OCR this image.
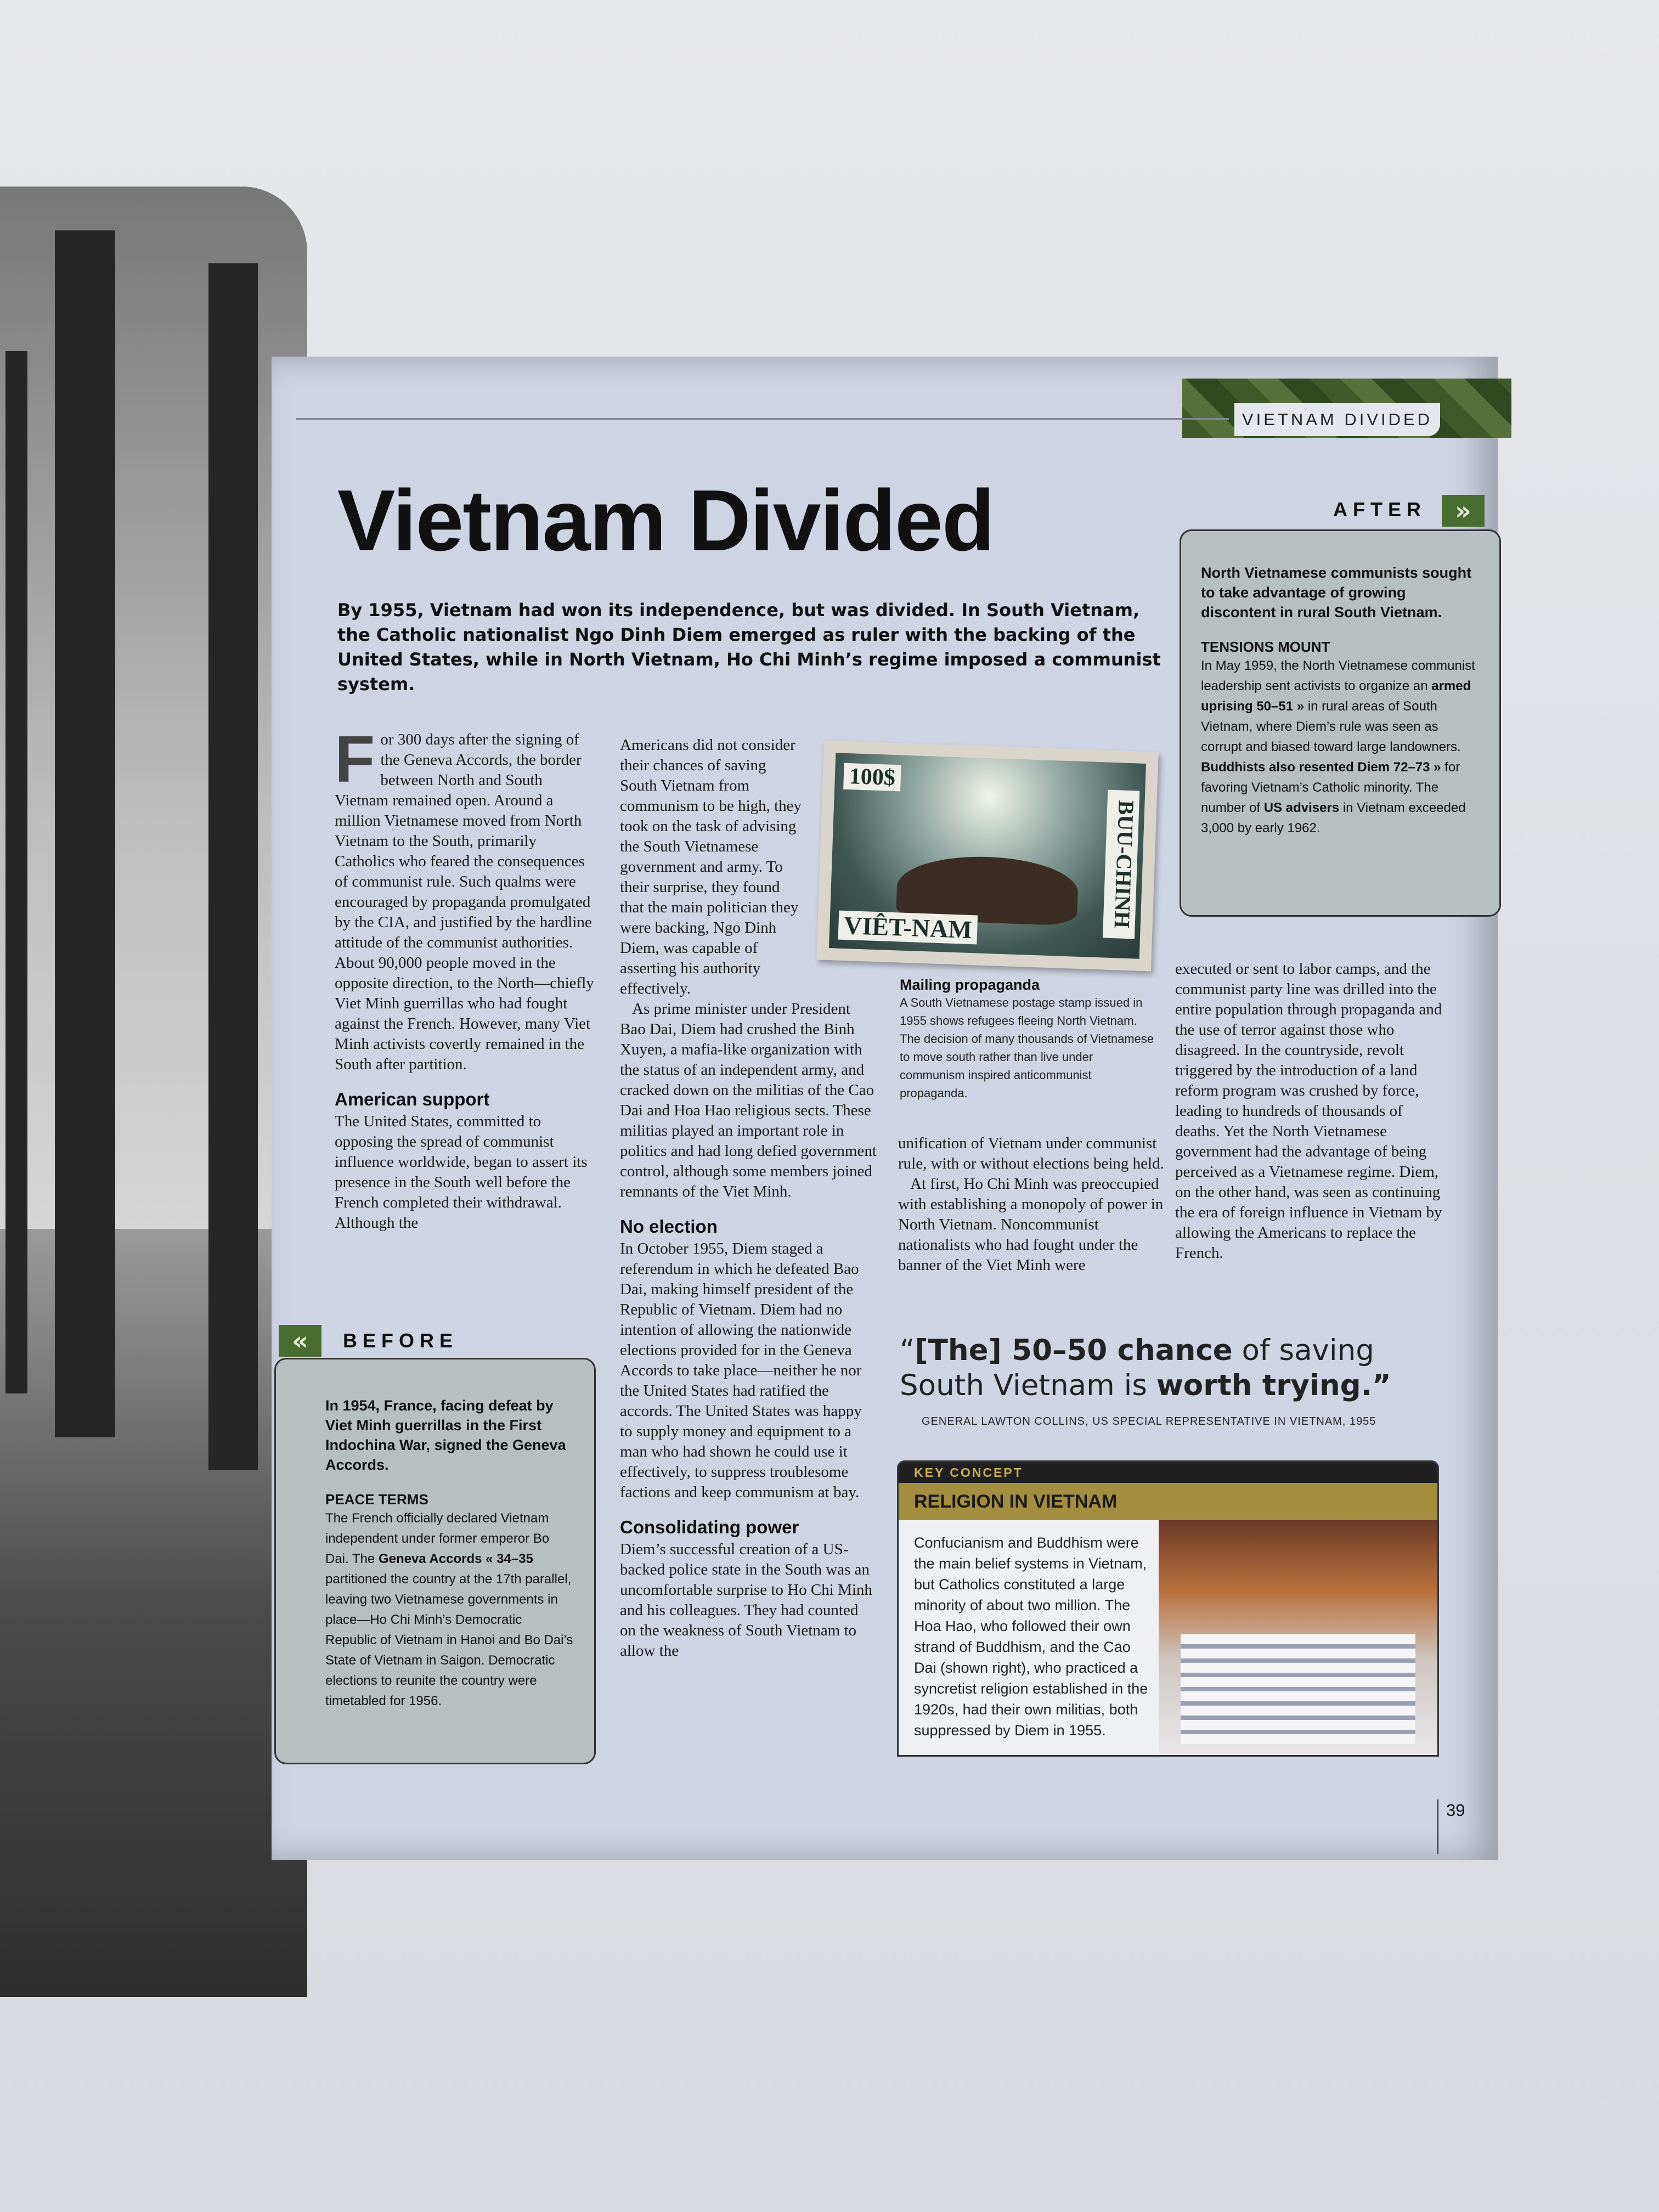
VIETNAM DIVIDED
Vietnam Divided
By 1955, Vietnam had won its independence, but was divided. In South Vietnam, the Catholic nationalist Ngo Dinh Diem emerged as ruler with the backing of the United States, while in North Vietnam, Ho Chi Minh’s regime imposed a communist system.
F or 300 days after the signing of the Geneva Accords, the border between North and South Vietnam remained open. Around a million Vietnamese moved from North Vietnam to the South, primarily Catholics who feared the consequences of communist rule. Such qualms were encouraged by propaganda promulgated by the CIA, and justified by the hardline attitude of the communist authorities. About 90,000 people moved in the opposite direction, to the North—chiefly Viet Minh guerrillas who had fought against the French. However, many Viet Minh activists covertly remained in the South after partition.

American support

The United States, committed to opposing the spread of communist influence worldwide, began to assert its presence in the South well before the French completed their withdrawal. Although the

Americans did not consider their chances of saving South Vietnam from communism to be high, they took on the task of advising the South Vietnamese government and army. To their surprise, they found that the main politician they were backing, Ngo Dinh Diem, was capable of asserting his authority effectively.

As prime minister under President Bao Dai, Diem had crushed the Binh Xuyen, a mafia-like organization with the status of an independent army, and cracked down on the militias of the Cao Dai and Hoa Hao religious sects. These militias played an important role in politics and had long defied government control, although some members joined remnants of the Viet Minh.

No election

In October 1955, Diem staged a referendum in which he defeated Bao Dai, making himself president of the Republic of Vietnam. Diem had no intention of allowing the nationwide elections provided for in the Geneva Accords to take place—neither he nor the United States had ratified the accords. The United States was happy to supply money and equipment to a man who had shown he could use it effectively, to suppress troublesome factions and keep communism at bay.

Consolidating power

Diem’s successful creation of a US-backed police state in the South was an uncomfortable surprise to Ho Chi Minh and his colleagues. They had counted on the weakness of South Vietnam to allow the

100$
VIÊT-NAM	BUU-CHINH
Mailing propaganda
A South Vietnamese postage stamp issued in 1955 shows refugees fleeing North Vietnam. The decision of many thousands of Vietnamese to move south rather than live under communism inspired anticommunist propaganda.

unification of Vietnam under communist rule, with or without elections being held.

At first, Ho Chi Minh was preoccupied with establishing a monopoly of power in North Vietnam. Noncommunist nationalists who had fought under the banner of the Viet Minh were

executed or sent to labor camps, and the communist party line was drilled into the entire population through propaganda and the use of terror against those who disagreed. In the countryside, revolt triggered by the introduction of a land reform program was crushed by force, leading to hundreds of thousands of deaths. Yet the North Vietnamese government had the advantage of being perceived as a Vietnamese regime. Diem, on the other hand, was seen as continuing the era of foreign influence in Vietnam by allowing the Americans to replace the French.

AFTER	»
North Vietnamese communists sought to take advantage of growing discontent in rural South Vietnam.
TENSIONS MOUNT
In May 1959, the North Vietnamese communist leadership sent activists to organize an armed uprising 50–51 » in rural areas of South Vietnam, where Diem’s rule was seen as corrupt and biased toward large landowners. Buddhists also resented Diem 72–73 » for favoring Vietnam’s Catholic minority. The number of US advisers in Vietnam exceeded 3,000 by early 1962.
«	BEFORE
In 1954, France, facing defeat by Viet Minh guerrillas in the First Indochina War, signed the Geneva Accords.
PEACE TERMS
The French officially declared Vietnam independent under former emperor Bo Dai. The Geneva Accords « 34–35 partitioned the country at the 17th parallel, leaving two Vietnamese governments in place—Ho Chi Minh’s Democratic Republic of Vietnam in Hanoi and Bo Dai’s State of Vietnam in Saigon. Democratic elections to reunite the country were timetabled for 1956.
“[The] 50–50 chance of saving South Vietnam is worth trying.”
GENERAL LAWTON COLLINS, US SPECIAL REPRESENTATIVE IN VIETNAM, 1955
KEY CONCEPT
RELIGION IN VIETNAM
Confucianism and Buddhism were the main belief systems in Vietnam, but Catholics constituted a large minority of about two million. The Hoa Hao, who followed their own strand of Buddhism, and the Cao Dai (shown right), who practiced a syncretist religion established in the 1920s, had their own militias, both suppressed by Diem in 1955.
39
